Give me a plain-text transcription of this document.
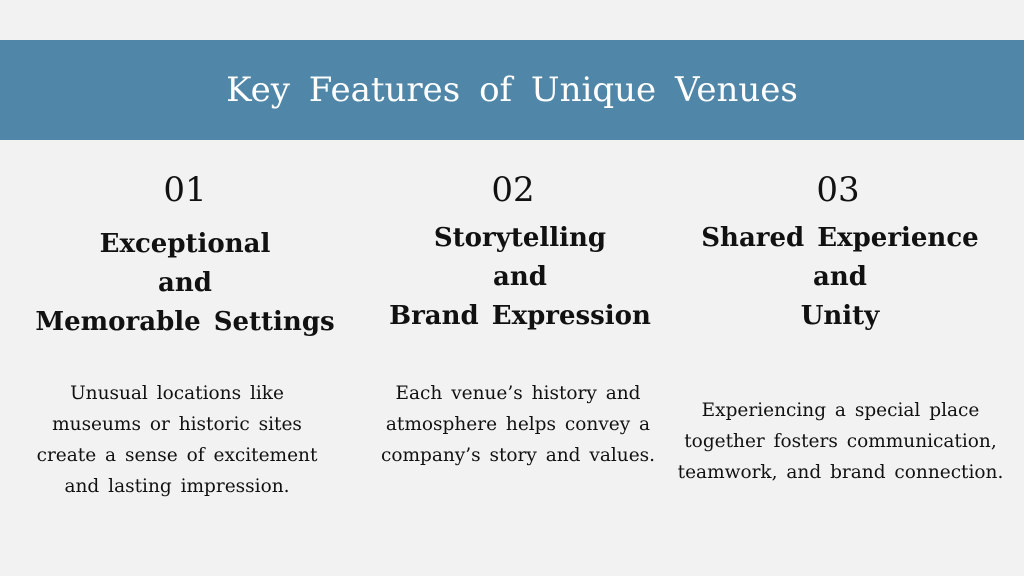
Key Features of Unique Venues
01
Exceptional
and
Memorable Settings

Unusual locations like museums or historic sites create a sense of excitement and lasting impression.

02
Storytelling
and
Brand Expression

Each venue’s history and atmosphere helps convey a company’s story and values.

03
Shared Experience
and
Unity

Experiencing a special place together fosters communication, teamwork, and brand connection.
